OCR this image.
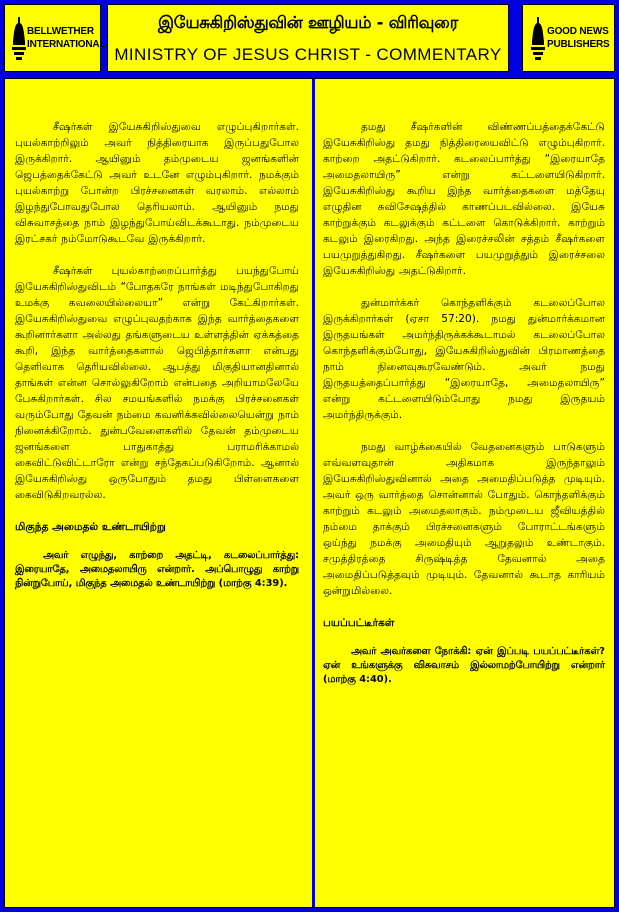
BELLWETHER
INTERNATIONAL
இயேசுகிறிஸ்துவின் ஊழியம் - விரிவுரை
MINISTRY OF JESUS CHRIST - COMMENTARY
GOOD NEWS
PUBLISHERS

சீஷர்கள் இயேசுகிறிஸ்துவை எழுப்புகிறார்கள். புயல்காற்றிலும் அவர் நித்திரையாக இருப்பதுபோல இருக்கிறார். ஆயினும் தம்முடைய ஜனங்களின் ஜெபத்தைக்கேட்டு அவர் உடனே எழும்புகிறார். நமக்கும் புயல்காற்று போன்ற பிரச்சனைகள் வரலாம். எல்லாம் இழந்துபோவதுபோல தெரியலாம். ஆயினும் நமது விசுவாசத்தை நாம் இழந்துபோய்விடக்கூடாது. நம்முடைய இரட்சகர் நம்மோடுகூடவே இருக்கிறார்.

சீஷர்கள் புயல்காற்றைப்பார்த்து பயந்துபோய் இயேசுகிறிஸ்துவிடம் “போதகரே நாங்கள் மடிந்துபோகிறது உமக்கு கவலையில்லையா” என்று கேட்கிறார்கள். இயேசுகிறிஸ்துவை எழுப்புவதற்காக இந்த வார்த்தைகளை கூறினார்களா அல்லது தங்களுடைய உள்ளத்தின் ஏக்கத்தை கூறி, இந்த வார்த்தைகளால் ஜெபித்தார்களா என்பது தெளிவாக தெரியவில்லை. ஆபத்து மிகுதியானதினால் தாங்கள் என்ன சொல்லுகிறோம் என்பதை அறியாமலேயே பேசுகிறார்கள். சில சமயங்களில் நமக்கு பிரச்சனைகள் வரும்போது தேவன் நம்மை கவனிக்கவில்லையென்று நாம் நினைக்கிறோம். துன்பவேளைகளில் தேவன் தம்முடைய ஜனங்களை பாதுகாத்து பராமரிக்காமல் கைவிட்டுவிட்டாரோ என்று சந்தேகப்படுகிறோம். ஆனால் இயேசுகிறிஸ்து ஒருபோதும் தமது பிள்ளைகளை கைவிடுகிறவரல்ல.

மிகுந்த அமைதல் உண்டாயிற்று

அவர் எழுந்து, காற்றை அதட்டி, கடலைப்பார்த்து: இரையாதே, அமைதலாயிரு என்றார். அப்பொழுது காற்று நின்றுபோய், மிகுந்த அமைதல் உண்டாயிற்று (மாற்கு 4:39).

தமது சீஷர்களின் விண்ணப்பத்தைக்கேட்டு இயேசுகிறிஸ்து தமது நித்திரையைவிட்டு எழும்புகிறார். காற்றை அதட்டுகிறார். கடலைப்பார்த்து “இரையாதே அமைதலாயிரு” என்று கட்டளையிடுகிறார். இயேசுகிறிஸ்து கூறிய இந்த வார்த்தைகளை மத்தேயு எழுதின சுவிசேஷத்தில் காணப்படவில்லை. இயேசு காற்றுக்கும் கடலுக்கும் கட்டளை கொடுக்கிறார். காற்றும் கடலும் இரைகிறது. அந்த இரைச்சலின் சத்தம் சீஷர்களை பயமுறுத்துகிறது. சீஷர்களை பயமுறுத்தும் இரைச்சலை இயேசுகிறிஸ்து அதட்டுகிறார்.

துன்மார்க்கர் கொந்தளிக்கும் கடலைப்போல இருக்கிறார்கள் (ஏசா 57:20). நமது துன்மார்க்கமான இருதயங்கள் அமர்ந்திருக்கக்கூடாமல் கடலைப்போல கொந்தளிக்கும்போது, இயேசுகிறிஸ்துவின் பிரமாணத்தை நாம் நினைவுகூரவேண்டும். அவர் நமது இருதயத்தைப்பார்த்து “இரையாதே, அமைதலாயிரு” என்று கட்டளையிடும்போது நமது இருதயம் அமர்ந்திருக்கும்.

நமது வாழ்க்கையில் வேதனைகளும் பாடுகளும் எவ்வளவுதான் அதிகமாக இருந்தாலும் இயேசுகிறிஸ்துவினால் அதை அமைதிப்படுத்த முடியும். அவர் ஒரு வார்த்தை சொன்னால் போதும். கொந்தளிக்கும் காற்றும் கடலும் அமைதலாகும். நம்முடைய ஜீவியத்தில் நம்மை தாக்கும் பிரச்சனைகளும் போராட்டங்களும் ஒய்ந்து நமக்கு அமைதியும் ஆறுதலும் உண்டாகும். சமுத்திரத்தை சிருஷ்டித்த தேவனால் அதை அமைதிப்படுத்தவும் முடியும். தேவனால் கூடாத காரியம் ஒன்றுமில்லை.

பயப்பட்டீர்கள்

அவர் அவர்களை நோக்கி: ஏன் இப்படி பயப்பட்டீர்கள்? ஏன் உங்களுக்கு விசுவாசம் இல்லாமற்போயிற்று என்றார் (மாற்கு 4:40).
